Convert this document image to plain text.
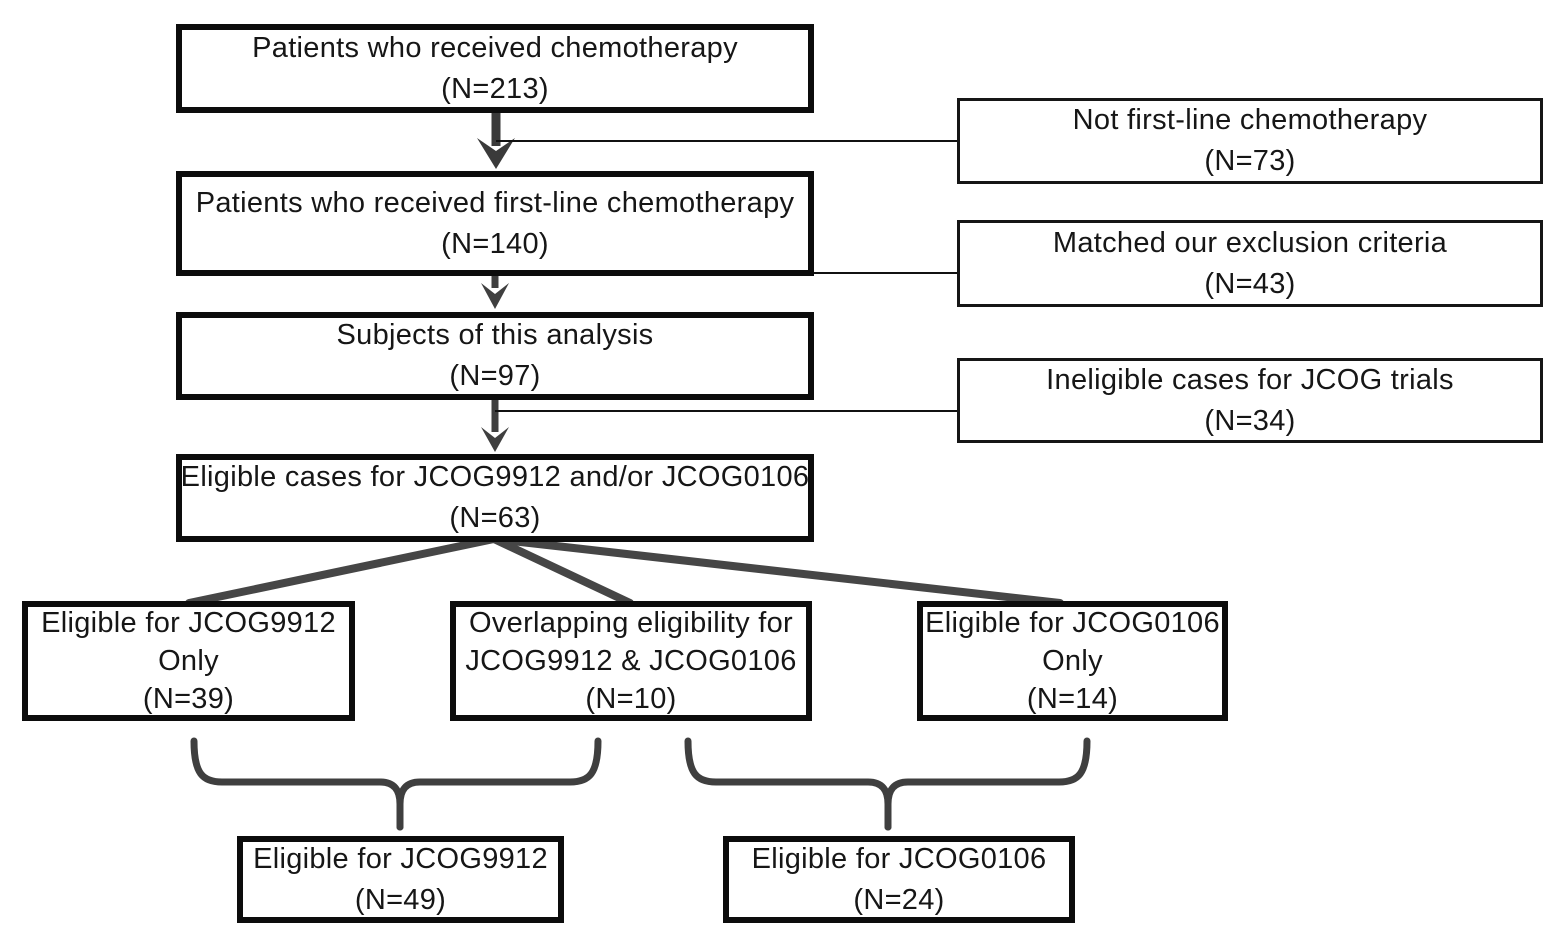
Patients who received chemotherapy
(N=213)
Patients who received first-line chemotherapy
(N=140)
Subjects of this analysis
(N=97)
Eligible cases for JCOG9912 and/or JCOG0106
(N=63)
Not first-line chemotherapy
(N=73)
Matched our exclusion criteria
(N=43)
Ineligible cases for JCOG trials
(N=34)
Eligible for JCOG9912
Only
(N=39)
Overlapping eligibility for
JCOG9912 & JCOG0106
(N=10)
Eligible for JCOG0106
Only
(N=14)
Eligible for JCOG9912
(N=49)
Eligible for JCOG0106
(N=24)
